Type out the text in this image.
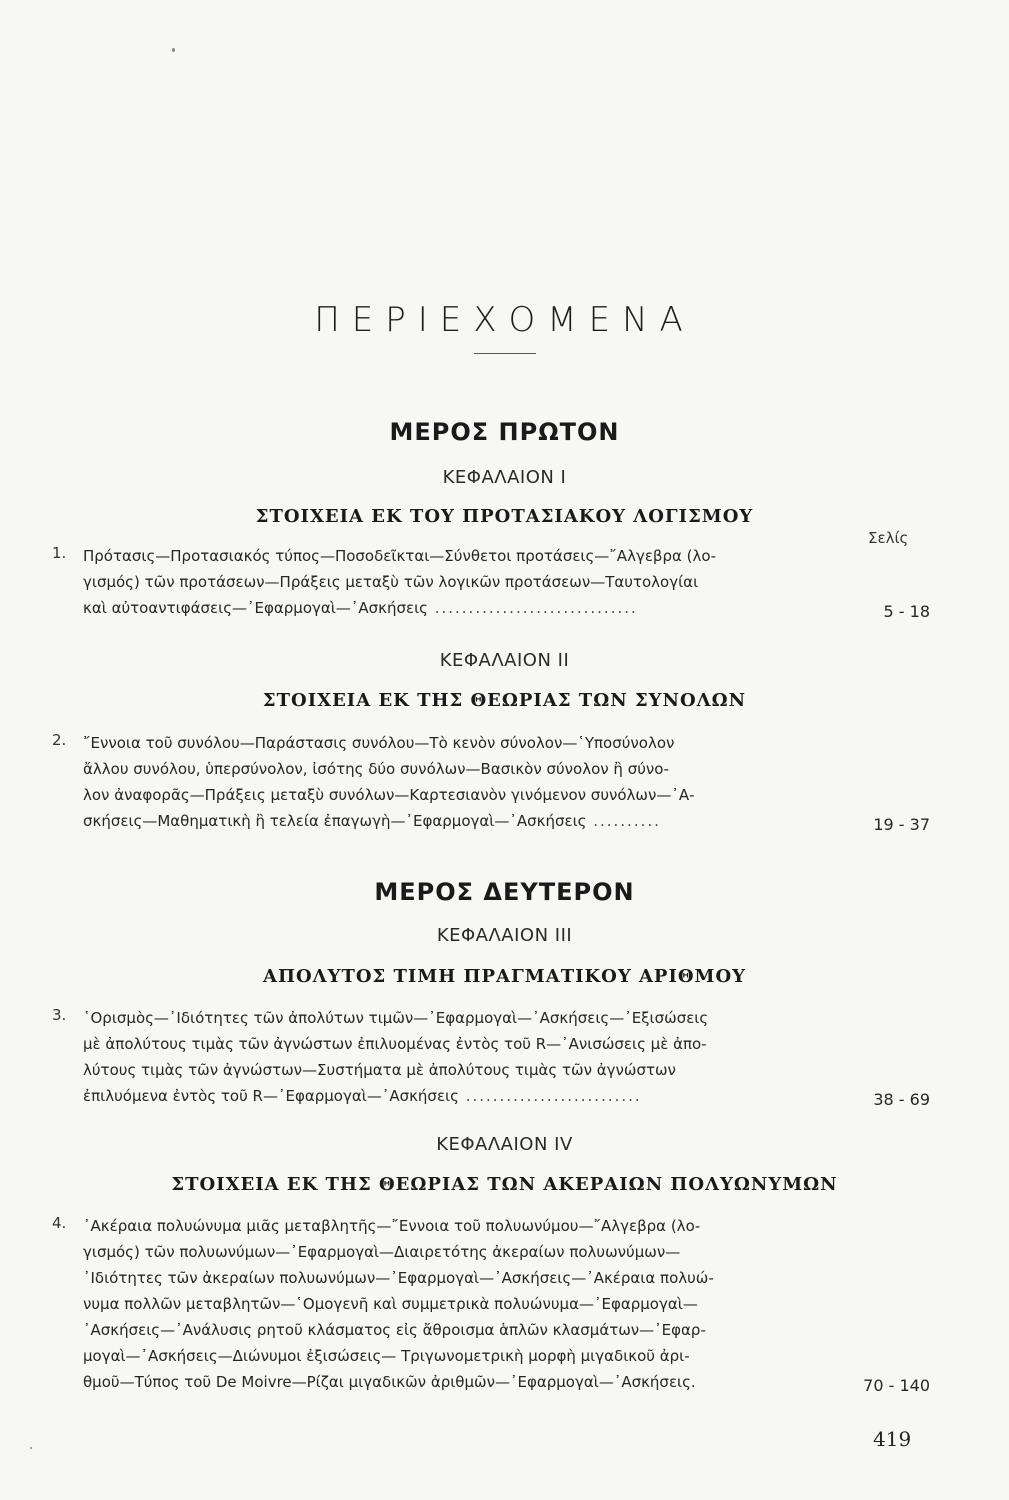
ΠΕΡΙΕΧΟΜΕΝΑ
ΜΕΡΟΣ ΠΡΩΤΟΝ
ΚΕΦΑΛΑΙΟΝ Ι
ΣΤΟΙΧΕΙΑ ΕΚ ΤΟΥ ΠΡΟΤΑΣΙΑΚΟΥ ΛΟΓΙΣΜΟΥ
Σελίς
1. Πρότασις—Προτασιακός τύπος—Ποσοδεῖκται—Σύνθετοι προτάσεις—῎Αλγεβρα (λο-
γισμός) τῶν προτάσεων—Πράξεις μεταξὺ τῶν λογικῶν προτάσεων—Ταυτολογίαι
καὶ αὐτοαντιφάσεις—᾿Εφαρμογαὶ—᾿Ασκήσεις ..............................	5 - 18
ΚΕΦΑΛΑΙΟΝ ΙΙ
ΣΤΟΙΧΕΙΑ ΕΚ ΤΗΣ ΘΕΩΡΙΑΣ ΤΩΝ ΣΥΝΟΛΩΝ
2. ῎Εννοια τοῦ συνόλου—Παράστασις συνόλου—Τὸ κενὸν σύνολον—῾Υποσύνολον
ἄλλου συνόλου, ὑπερσύνολον, ἰσότης δύο συνόλων—Βασικὸν σύνολον ἢ σύνο-
λον ἀναφορᾶς—Πράξεις μεταξὺ συνόλων—Καρτεσιανὸν γινόμενον συνόλων—᾿Α-
σκήσεις—Μαθηματικὴ ἢ τελεία ἐπαγωγὴ—᾿Εφαρμογαὶ—᾿Ασκήσεις ..........	19 - 37
ΜΕΡΟΣ ΔΕΥΤΕΡΟΝ
ΚΕΦΑΛΑΙΟΝ ΙΙΙ
ΑΠΟΛΥΤΟΣ ΤΙΜΗ ΠΡΑΓΜΑΤΙΚΟΥ ΑΡΙΘΜΟΥ
3. ῾Ορισμὸς—᾿Ιδιότητες τῶν ἀπολύτων τιμῶν—᾿Εφαρμογαὶ—᾿Ασκήσεις—᾿Εξισώσεις
μὲ ἀπολύτους τιμὰς τῶν ἀγνώστων ἐπιλυομένας ἐντὸς τοῦ R—᾿Ανισώσεις μὲ ἀπο-
λύτους τιμὰς τῶν ἀγνώστων—Συστήματα μὲ ἀπολύτους τιμὰς τῶν ἀγνώστων
ἐπιλυόμενα ἐντὸς τοῦ R—᾿Εφαρμογαὶ—᾿Ασκήσεις ..........................	38 - 69
ΚΕΦΑΛΑΙΟΝ ΙV
ΣΤΟΙΧΕΙΑ ΕΚ ΤΗΣ ΘΕΩΡΙΑΣ ΤΩΝ ΑΚΕΡΑΙΩΝ ΠΟΛΥΩΝΥΜΩΝ
4. ᾿Ακέραια πολυώνυμα μιᾶς μεταβλητῆς—῎Εννοια τοῦ πολυωνύμου—῎Αλγεβρα (λο-
γισμός) τῶν πολυωνύμων—᾿Εφαρμογαὶ—Διαιρετότης ἀκεραίων πολυωνύμων—
᾿Ιδιότητες τῶν ἀκεραίων πολυωνύμων—᾿Εφαρμογαὶ—᾿Ασκήσεις—᾿Ακέραια πολυώ-
νυμα πολλῶν μεταβλητῶν—῾Ομογενῆ καὶ συμμετρικὰ πολυώνυμα—᾿Εφαρμογαὶ—
᾿Ασκήσεις—᾿Ανάλυσις ρητοῦ κλάσματος εἰς ἄθροισμα ἁπλῶν κλασμάτων—᾿Εφαρ-
μογαὶ—᾿Ασκήσεις—Διώνυμοι ἐξισώσεις— Τριγωνομετρικὴ μορφὴ μιγαδικοῦ ἀρι-
θμοῦ—Τύπος τοῦ De Moivre—Ρίζαι μιγαδικῶν ἀριθμῶν—᾿Εφαρμογαὶ—᾿Ασκήσεις.	70 - 140
419
